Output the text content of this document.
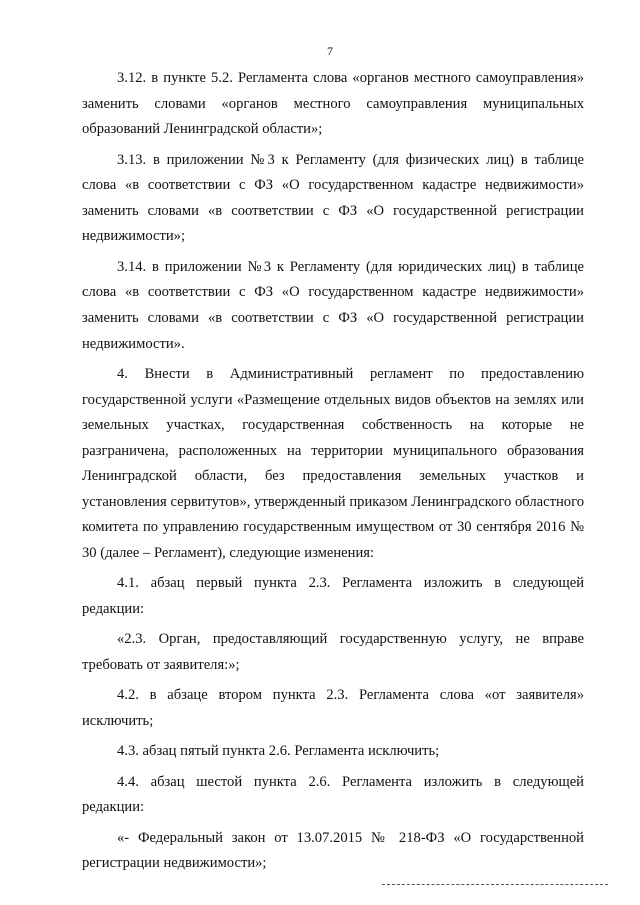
7

3.12. в пункте 5.2. Регламента слова «органов местного самоуправления» заменить словами «органов местного самоуправления муниципальных образований Ленинградской области»;

3.13. в приложении №3 к Регламенту (для физических лиц) в таблице слова «в соответствии с ФЗ «О государственном кадастре недвижимости» заменить словами «в соответствии с ФЗ «О государственной регистрации недвижимости»;

3.14. в приложении №3 к Регламенту (для юридических лиц) в таблице слова «в соответствии с ФЗ «О государственном кадастре недвижимости» заменить словами «в соответствии с ФЗ «О государственной регистрации недвижимости».

4. Внести в Административный регламент по предоставлению государственной услуги «Размещение отдельных видов объектов на землях или земельных участках, государственная собственность на которые не разграничена, расположенных на территории муниципального образования Ленинградской области, без предоставления земельных участков и установления сервитутов», утвержденный приказом Ленинградского областного комитета по управлению государственным имуществом от 30 сентября 2016 № 30 (далее – Регламент), следующие изменения:

4.1. абзац первый пункта 2.3. Регламента изложить в следующей редакции:

«2.3. Орган, предоставляющий государственную услугу, не вправе требовать от заявителя:»;

4.2. в абзаце втором пункта 2.3. Регламента слова «от заявителя» исключить;

4.3. абзац пятый пункта 2.6. Регламента исключить;

4.4. абзац шестой пункта 2.6. Регламента изложить в следующей редакции:

«- Федеральный закон от 13.07.2015 № 218-ФЗ «О государственной регистрации недвижимости»;
